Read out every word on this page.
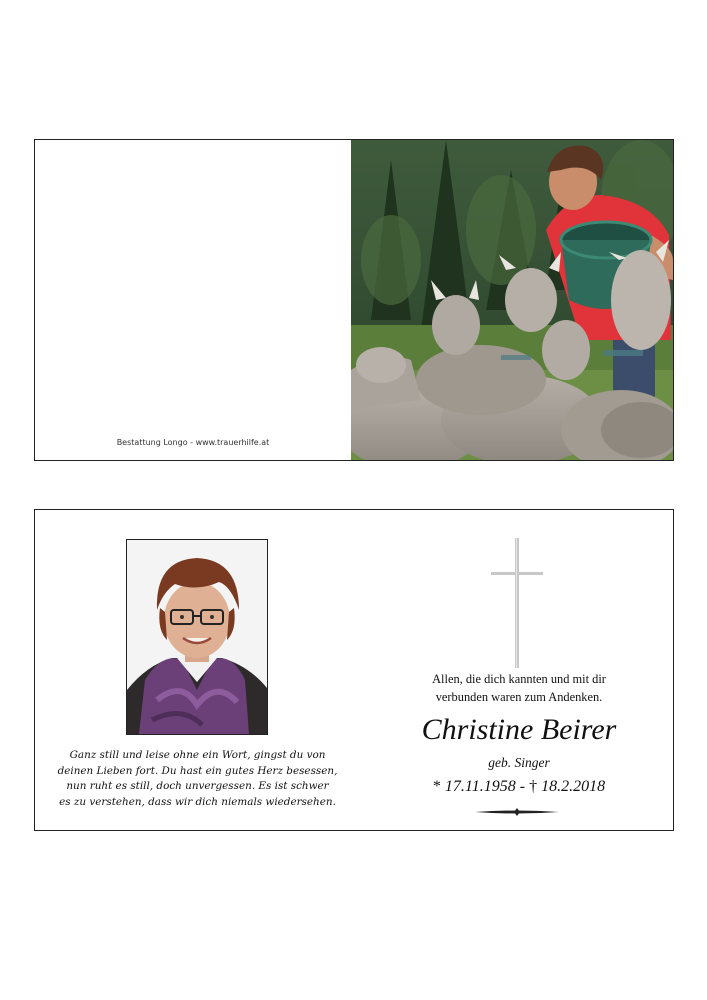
Bestattung Longo - www.trauerhilfe.at
Ganz still und leise ohne ein Wort, gingst du von
deinen Lieben fort. Du hast ein gutes Herz besessen,
nun ruht es still, doch unvergessen. Es ist schwer
es zu verstehen, dass wir dich niemals wiedersehen.
Allen, die dich kannten und mit dir
verbunden waren zum Andenken.
Christine Beirer
geb. Singer
* 17.11.1958 - † 18.2.2018
